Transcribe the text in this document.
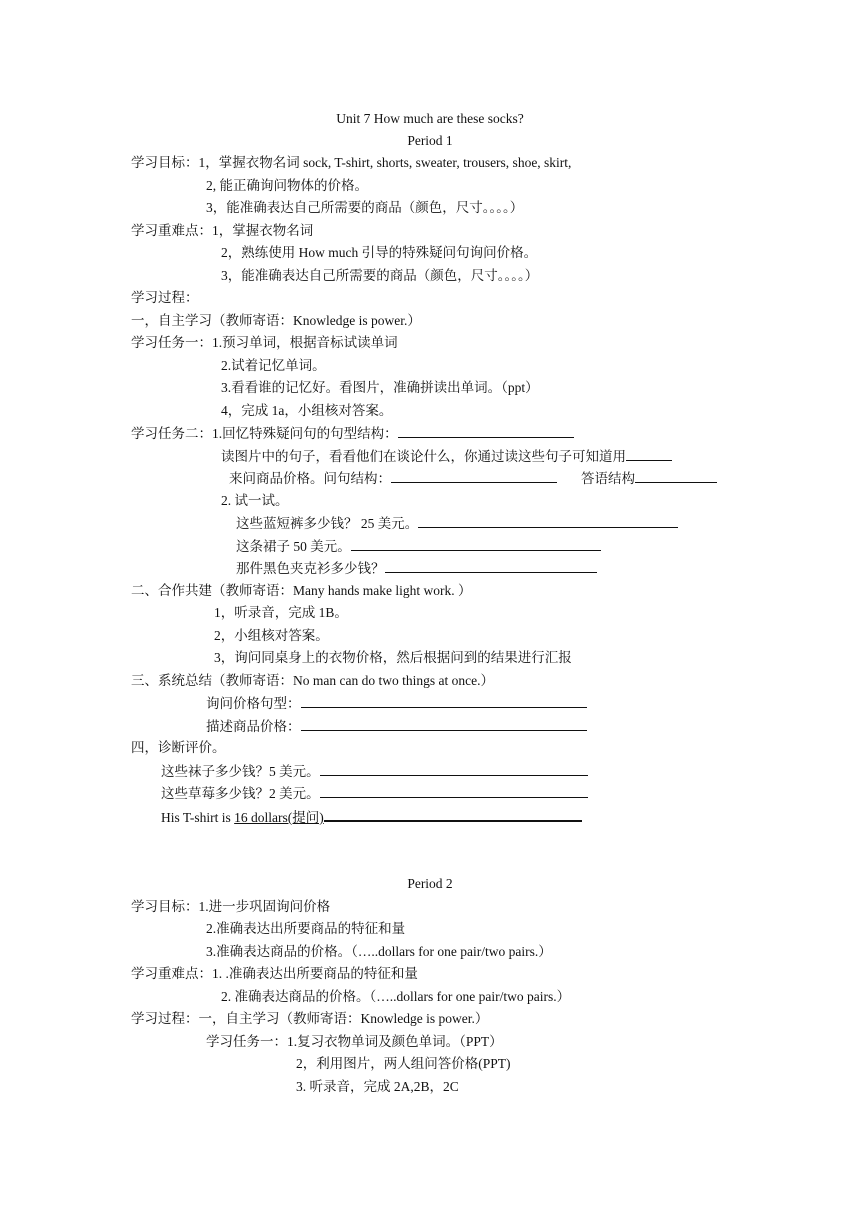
Unit 7 How much are these socks?
Period 1
学习目标：1，掌握衣物名词 sock, T-shirt, shorts, sweater, trousers, shoe, skirt,
2, 能正确询问物体的价格。
3，能准确表达自己所需要的商品（颜色，尺寸。。。。）
学习重难点：1，掌握衣物名词
2，熟练使用 How much 引导的特殊疑问句询问价格。
3，能准确表达自己所需要的商品（颜色，尺寸。。。。）
学习过程：
一，自主学习（教师寄语：Knowledge is power.）
学习任务一：1.预习单词，根据音标试读单词
2.试着记忆单词。
3.看看谁的记忆好。看图片，准确拼读出单词。（ppt）
4，完成 1a，小组核对答案。
学习任务二：1.回忆特殊疑问句的句型结构：
读图片中的句子，看看他们在谈论什么，你通过读这些句子可知道用
来问商品价格。问句结构：	答语结构
2. 试一试。
这些蓝短裤多少钱？ 25 美元。
这条裙子 50 美元。
那件黑色夹克衫多少钱？
二、合作共建（教师寄语：Many hands make light work. ）
1，听录音，完成 1B。
2，小组核对答案。
3，询问同桌身上的衣物价格，然后根据问到的结果进行汇报
三、系统总结（教师寄语：No man can do two things at once.）
询问价格句型：
描述商品价格：
四，诊断评价。
这些袜子多少钱？5 美元。
这些草莓多少钱？2 美元。
His T-shirt is 16 dollars(提问)
Period 2
学习目标：1.进一步巩固询问价格
2.准确表达出所要商品的特征和量
3.准确表达商品的价格。（…..dollars for one pair/two pairs.）
学习重难点：1. .准确表达出所要商品的特征和量
2. 准确表达商品的价格。（…..dollars for one pair/two pairs.）
学习过程：一，自主学习（教师寄语：Knowledge is power.）
学习任务一：1.复习衣物单词及颜色单词。（PPT）
2，利用图片，两人组问答价格(PPT)
3. 听录音，完成 2A,2B，2C
